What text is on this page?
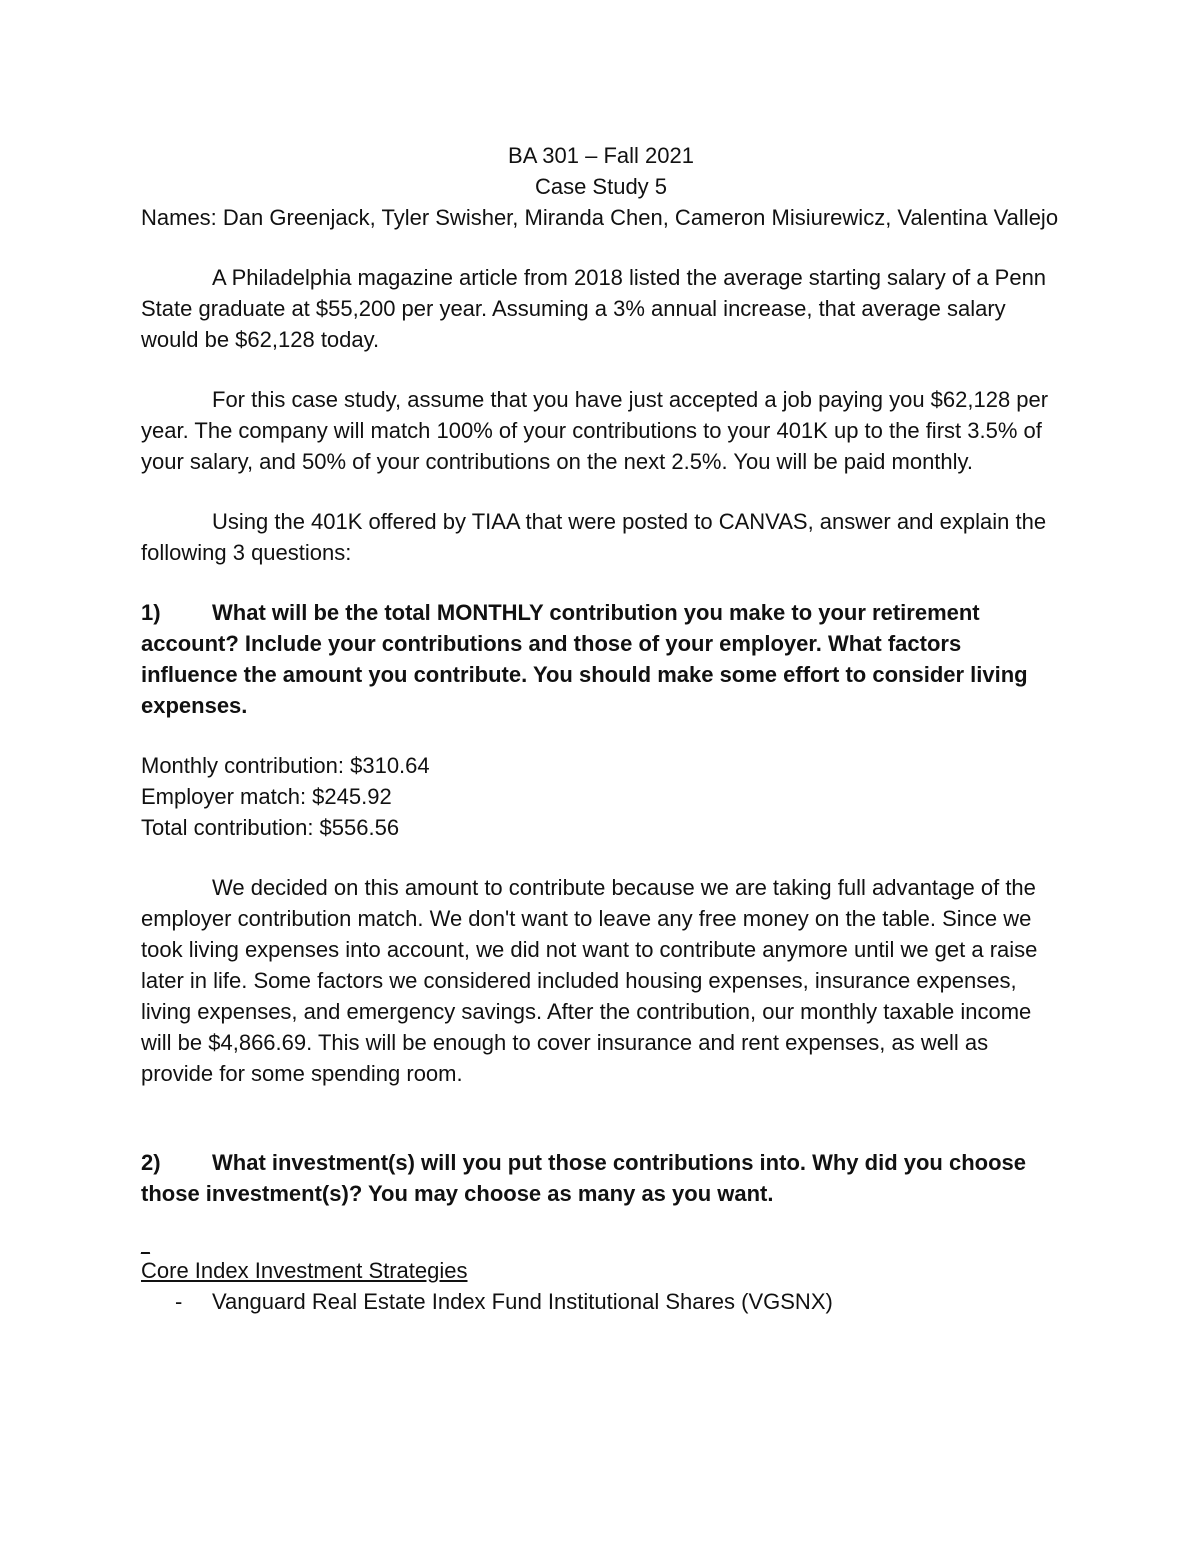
BA 301 – Fall 2021

Case Study 5

Names: Dan Greenjack, Tyler Swisher, Miranda Chen, Cameron Misiurewicz, Valentina Vallejo

A Philadelphia magazine article from 2018 listed the average starting salary of a Penn State graduate at $55,200 per year. Assuming a 3% annual increase, that average salary would be $62,128 today.

For this case study, assume that you have just accepted a job paying you $62,128 per year. The company will match 100% of your contributions to your 401K up to the first 3.5% of your salary, and 50% of your contributions on the next 2.5%. You will be paid monthly.

Using the 401K offered by TIAA that were posted to CANVAS, answer and explain the following 3 questions:

1) What will be the total MONTHLY contribution you make to your retirement account? Include your contributions and those of your employer. What factors influence the amount you contribute. You should make some effort to consider living expenses.

Monthly contribution: $310.64

Employer match: $245.92

Total contribution: $556.56

We decided on this amount to contribute because we are taking full advantage of the employer contribution match. We don't want to leave any free money on the table. Since we took living expenses into account, we did not want to contribute anymore until we get a raise later in life. Some factors we considered included housing expenses, insurance expenses, living expenses, and emergency savings. After the contribution, our monthly taxable income will be $4,866.69. This will be enough to cover insurance and rent expenses, as well as provide for some spending room.

2) What investment(s) will you put those contributions into. Why did you choose those investment(s)? You may choose as many as you want.

_

Core Index Investment Strategies

- Vanguard Real Estate Index Fund Institutional Shares (VGSNX)
